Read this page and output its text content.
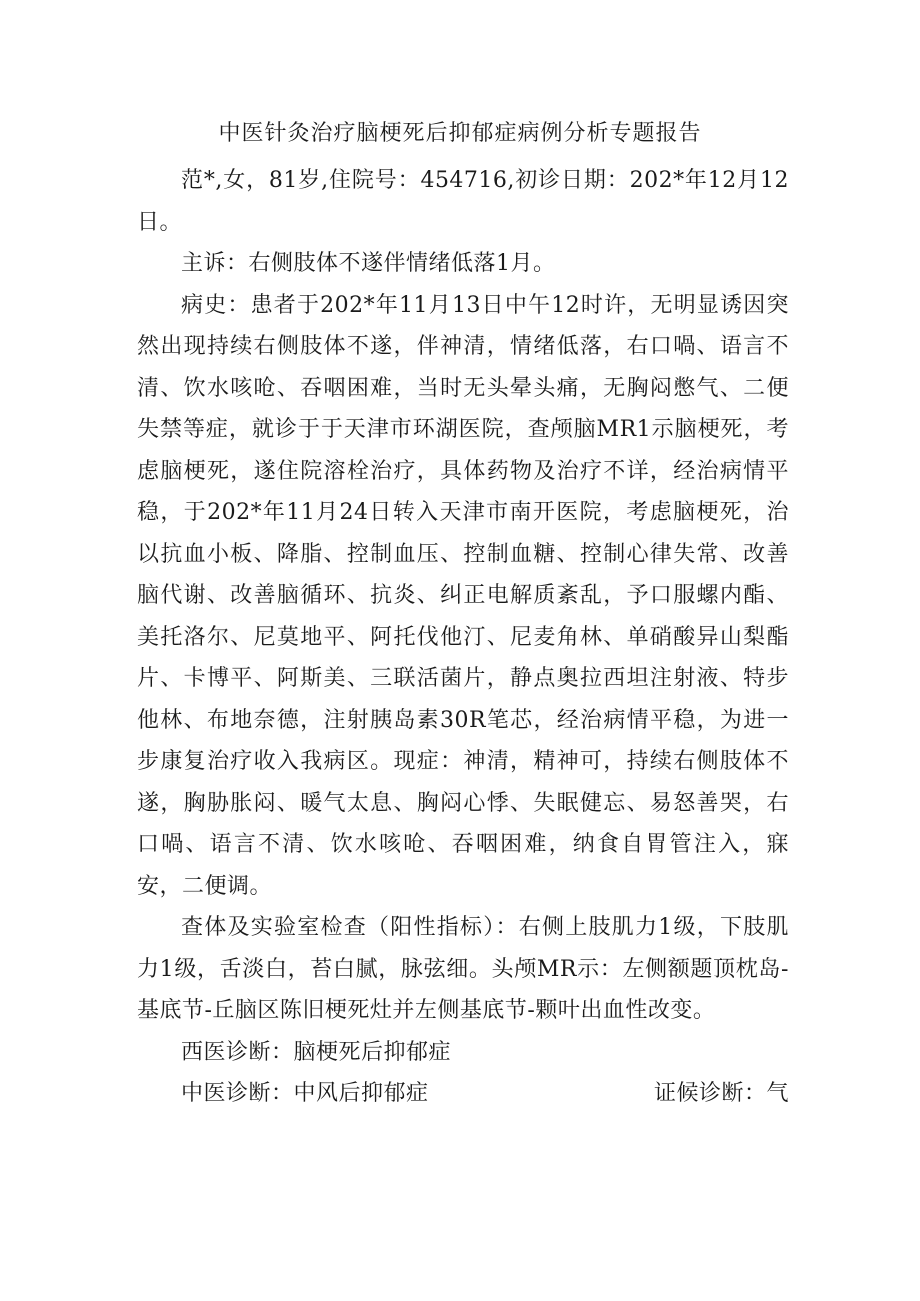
中医针灸治疗脑梗死后抑郁症病例分析专题报告

范*,女，81岁,住院号：454716,初诊日期：202*年12月12日。

主诉：右侧肢体不遂伴情绪低落1月。

病史：患者于202*年11月13日中午12时许，无明显诱因突然出现持续右侧肢体不遂，伴神清，情绪低落，右口喎、语言不清、饮水咳呛、吞咽困难，当时无头晕头痛，无胸闷憋气、二便失禁等症，就诊于于天津市环湖医院，查颅脑MR1示脑梗死，考虑脑梗死，遂住院溶栓治疗，具体药物及治疗不详，经治病情平稳，于202*年11月24日转入天津市南开医院，考虑脑梗死，治以抗血小板、降脂、控制血压、控制血糖、控制心律失常、改善脑代谢、改善脑循环、抗炎、纠正电解质紊乱，予口服螺内酯、美托洛尔、尼莫地平、阿托伐他汀、尼麦角林、单硝酸异山梨酯片、卡博平、阿斯美、三联活菌片，静点奥拉西坦注射液、特步他林、布地奈德，注射胰岛素30R笔芯，经治病情平稳，为进一步康复治疗收入我病区。现症：神清，精神可，持续右侧肢体不遂，胸胁胀闷、暖气太息、胸闷心悸、失眠健忘、易怒善哭，右口喎、语言不清、饮水咳呛、吞咽困难，纳食自胃管注入，寐安，二便调。

查体及实验室检查（阳性指标）：右侧上肢肌力1级，下肢肌力1级，舌淡白，苔白腻，脉弦细。头颅MR示：左侧额题顶枕岛-基底节-丘脑区陈旧梗死灶并左侧基底节-颗叶出血性改变。

西医诊断：脑梗死后抑郁症

中医诊断：中风后抑郁症	证候诊断：气
